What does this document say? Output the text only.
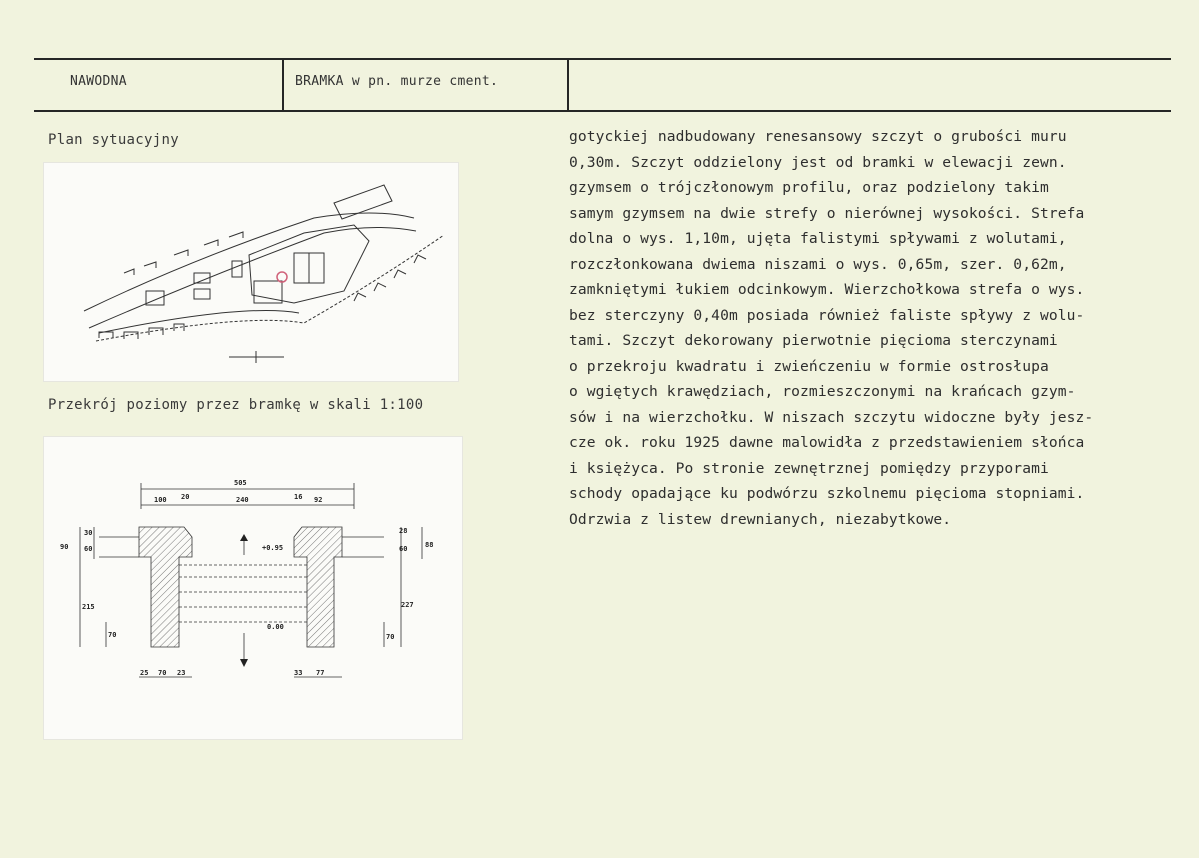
NAWODNA	BRAMKA w pn. murze cment.
Plan sytuacyjny
Przekrój poziomy przez bramkę w skali 1:100
505
100 20	240	16 92
30
90 60
215
70
28
60	88
227
70
+0.95
0.00
25 70 23	33 77
gotyckiej nadbudowany renesansowy szczyt o grubości muru
0,30m. Szczyt oddzielony jest od bramki w elewacji zewn.
gzymsem o trójczłonowym profilu, oraz podzielony takim
samym gzymsem na dwie strefy o nierównej wysokości. Strefa
dolna o wys. 1,10m, ujęta falistymi spływami z wolutami,
rozczłonkowana dwiema niszami o wys. 0,65m, szer. 0,62m,
zamkniętymi łukiem odcinkowym. Wierzchołkowa strefa o wys.
bez sterczyny 0,40m posiada również faliste spływy z wolu-
tami. Szczyt dekorowany pierwotnie pięcioma sterczynami
o przekroju kwadratu i zwieńczeniu w formie ostrosłupa
o wgiętych krawędziach, rozmieszczonymi na krańcach gzym-
sów i na wierzchołku. W niszach szczytu widoczne były jesz-
cze ok. roku 1925 dawne malowidła z przedstawieniem słońca
i księżyca. Po stronie zewnętrznej pomiędzy przyporami
schody opadające ku podwórzu szkolnemu pięcioma stopniami.
Odrzwia z listew drewnianych, niezabytkowe.
